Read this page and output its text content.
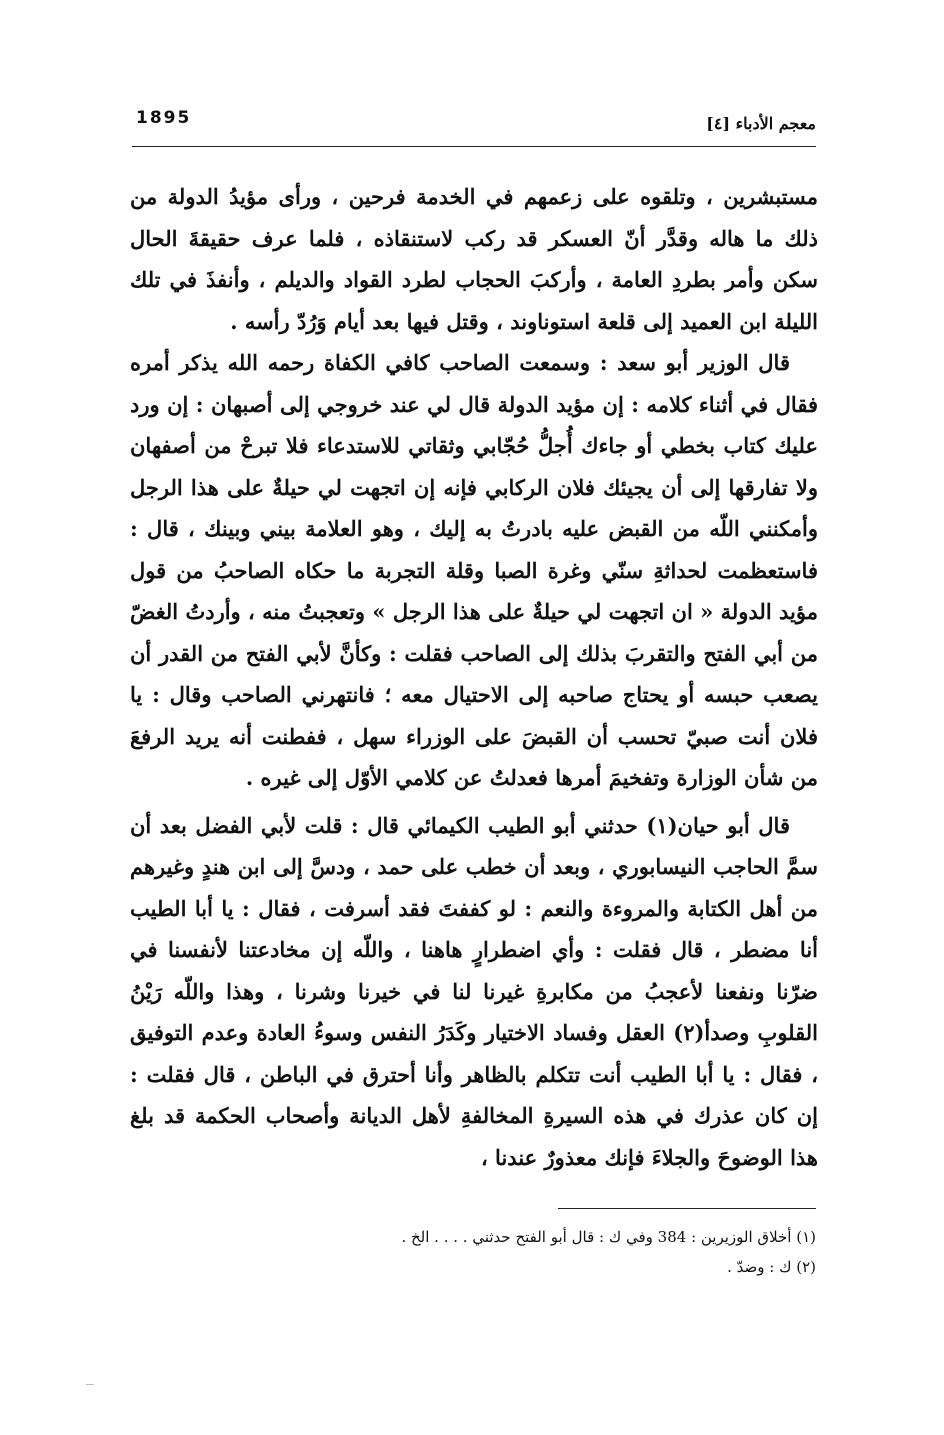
1895	معجم الأدباء [٤]

مستبشرين ، وتلقوه على زعمهم في الخدمة فرحين ، ورأى مؤيدُ الدولة من ذلك ما هاله وقدَّر أنّ العسكر قد ركب لاستنقاذه ، فلما عرف حقيقةَ الحال سكن وأمر بطردِ العامة ، وأركبَ الحجاب لطرد القواد والديلم ، وأنفذَ في تلك الليلة ابن العميد إلى قلعة استوناوند ، وقتل فيها بعد أيام وَرُدّ رأسه .

قال الوزير أبو سعد : وسمعت الصاحب كافي الكفاة رحمه الله يذكر أمره فقال في أثناء كلامه : إن مؤيد الدولة قال لي عند خروجي إلى أصبهان : إن ورد عليك كتاب بخطي أو جاءك أُجلُّ حُجّابي وثقاتي للاستدعاء فلا تبرحْ من أصفهان ولا تفارقها إلى أن يجيئك فلان الركابي فإنه إن اتجهت لي حيلةٌ على هذا الرجل وأمكنني اللّه من القبض عليه بادرتُ به إليك ، وهو العلامة بيني وبينك ، قال : فاستعظمت لحداثةِ سنّي وغرة الصبا وقلة التجربة ما حكاه الصاحبُ من قول مؤيد الدولة « ان اتجهت لي حيلةٌ على هذا الرجل » وتعجبتُ منه ، وأردتُ الغضّ من أبي الفتح والتقربَ بذلك إلى الصاحب فقلت : وكأنَّ لأبي الفتح من القدر أن يصعب حبسه أو يحتاج صاحبه إلى الاحتيال معه ؛ فانتهرني الصاحب وقال : يا فلان أنت صبيّ تحسب أن القبضَ على الوزراء سهل ، ففطنت أنه يريد الرفعَ من شأن الوزارة وتفخيمَ أمرها فعدلتُ عن كلامي الأوّل إلى غيره .

قال أبو حيان(١) حدثني أبو الطيب الكيمائي قال : قلت لأبي الفضل بعد أن سمَّ الحاجب النيسابوري ، وبعد أن خطب على حمد ، ودسَّ إلى ابن هندٍ وغيرهم من أهل الكتابة والمروءة والنعم : لو كففتَ فقد أسرفت ، فقال : يا أبا الطيب أنا مضطر ، قال فقلت : وأي اضطرارٍ هاهنا ، واللّه إن مخادعتنا لأنفسنا في ضرّنا ونفعنا لأعجبُ من مكابرةِ غيرنا لنا في خيرنا وشرنا ، وهذا واللّه رَيْنُ القلوبِ وصدأ(٢) العقل وفساد الاختيار وكَدَرُ النفس وسوءُ العادة وعدم التوفيق ، فقال : يا أبا الطيب أنت تتكلم بالظاهر وأنا أحترق في الباطن ، قال فقلت : إن كان عذرك في هذه السيرةِ المخالفةِ لأهل الديانة وأصحاب الحكمة قد بلغ هذا الوضوحَ والجلاءَ فإنك معذورٌ عندنا ،

(١) أخلاق الوزيرين : 384 وفي ك : قال أبو الفتح حدثني . . . . الخ .

(٢) ك : وضدّ .
